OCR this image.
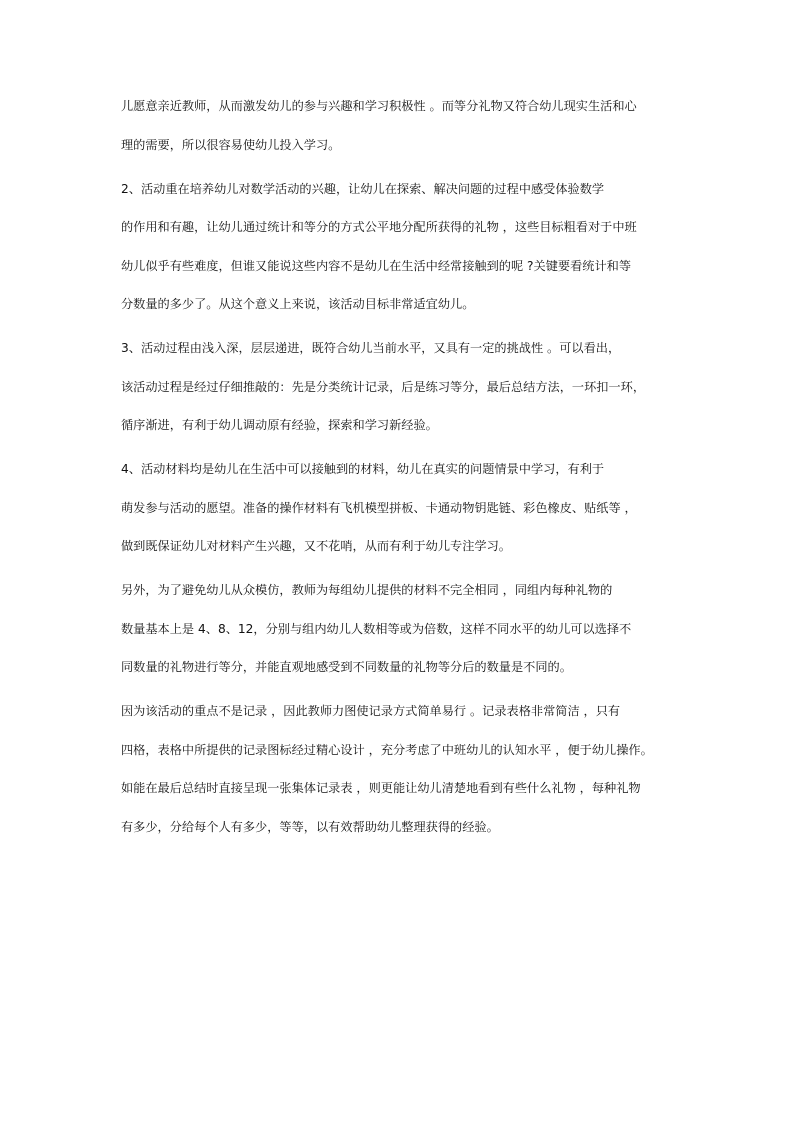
儿愿意亲近教师，从而激发幼儿的参与兴趣和学习积极性 。而等分礼物又符合幼儿现实生活和心
理的需要，所以很容易使幼儿投入学习。

2、活动重在培养幼儿对数学活动的兴趣，让幼儿在探索、解决问题的过程中感受体验数学
的作用和有趣，让幼儿通过统计和等分的方式公平地分配所获得的礼物 ，这些目标粗看对于中班
幼儿似乎有些难度，但谁又能说这些内容不是幼儿在生活中经常接触到的呢 ?关键要看统计和等
分数量的多少了。从这个意义上来说，该活动目标非常适宜幼儿。

3、活动过程由浅入深，层层递进，既符合幼儿当前水平，又具有一定的挑战性 。可以看出，
该活动过程是经过仔细推敲的：先是分类统计记录，后是练习等分，最后总结方法，一环扣一环，
循序渐进，有利于幼儿调动原有经验，探索和学习新经验。

4、活动材料均是幼儿在生活中可以接触到的材料，幼儿在真实的问题情景中学习，有利于
萌发参与活动的愿望。准备的操作材料有飞机模型拼板、卡通动物钥匙链、彩色橡皮、贴纸等 ，
做到既保证幼儿对材料产生兴趣，又不花哨，从而有利于幼儿专注学习。

另外，为了避免幼儿从众模仿，教师为每组幼儿提供的材料不完全相同 ，同组内每种礼物的
数量基本上是 4、8、12，分别与组内幼儿人数相等或为倍数，这样不同水平的幼儿可以选择不
同数量的礼物进行等分，并能直观地感受到不同数量的礼物等分后的数量是不同的。

因为该活动的重点不是记录 ，因此教师力图使记录方式简单易行 。记录表格非常简洁 ，只有
四格，表格中所提供的记录图标经过精心设计 ，充分考虑了中班幼儿的认知水平 ，便于幼儿操作。
如能在最后总结时直接呈现一张集体记录表 ，则更能让幼儿清楚地看到有些什么礼物 ，每种礼物
有多少，分给每个人有多少，等等，以有效帮助幼儿整理获得的经验。
